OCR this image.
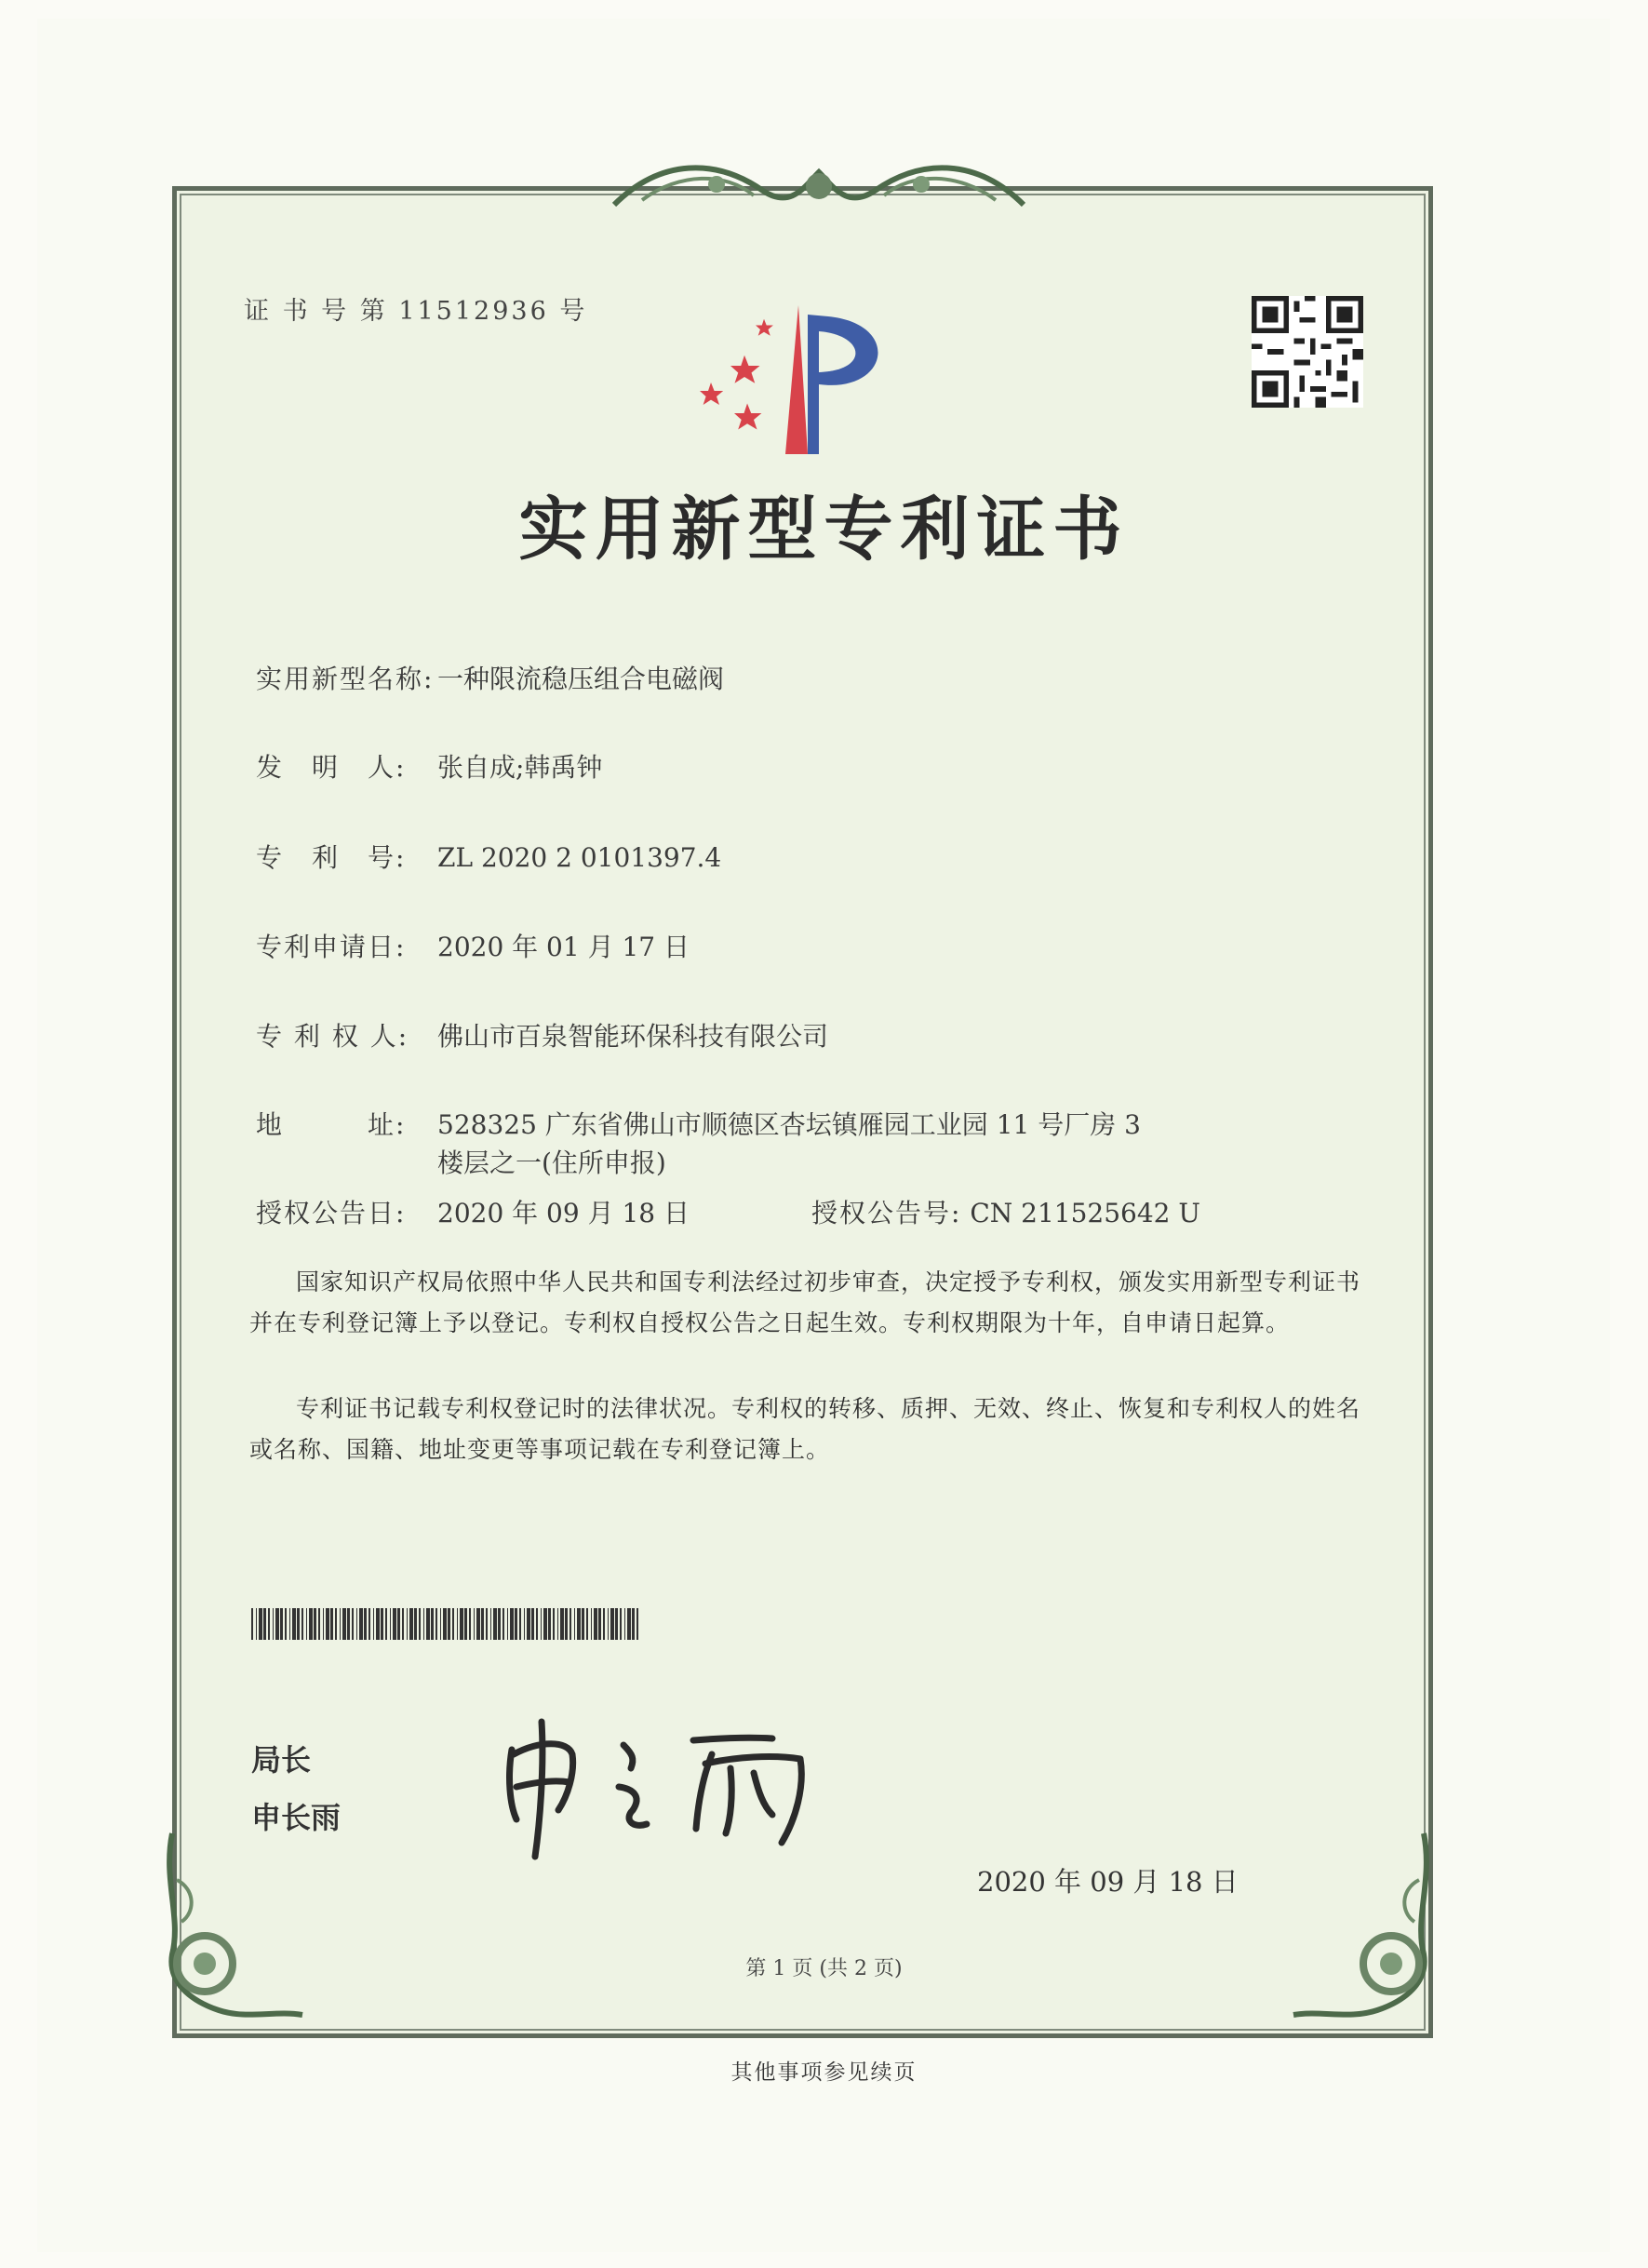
证 书 号 第 11512936 号
实用新型专利证书
实用新型名称: 一种限流稳压组合电磁阀
发　明　人: 张自成;韩禹钟
专　利　号: ZL 2020 2 0101397.4
专利申请日: 2020 年 01 月 17 日
专 利 权 人: 佛山市百泉智能环保科技有限公司
地　　　址: 528325 广东省佛山市顺德区杏坛镇雁园工业园 11 号厂房 3
楼层之一(住所申报)
授权公告日: 2020 年 09 月 18 日	授权公告号: CN 211525642 U

国家知识产权局依照中华人民共和国专利法经过初步审查，决定授予专利权，颁发实用新型专利证书并在专利登记簿上予以登记。专利权自授权公告之日起生效。专利权期限为十年，自申请日起算。

专利证书记载专利权登记时的法律状况。专利权的转移、质押、无效、终止、恢复和专利权人的姓名或名称、国籍、地址变更等事项记载在专利登记簿上。

局长
申长雨
2020 年 09 月 18 日
第 1 页 (共 2 页)
其他事项参见续页
